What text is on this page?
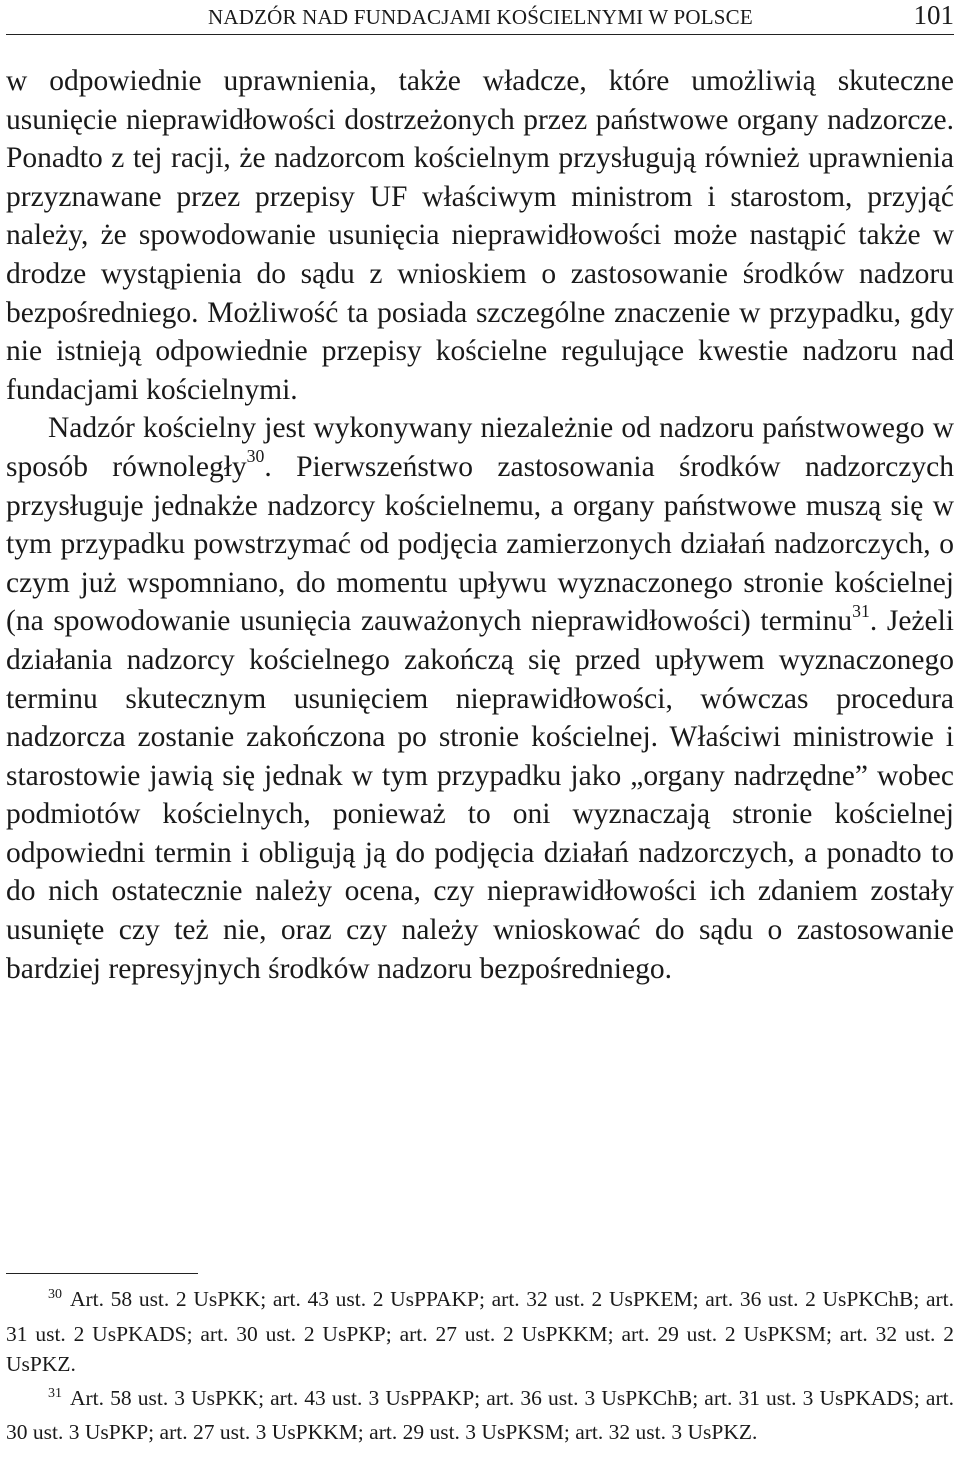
NADZÓR NAD FUNDACJAMI KOŚCIELNYMI W POLSCE	101

w odpowiednie uprawnienia, także władcze, które umożliwią skuteczne usunięcie nieprawidłowości dostrzeżonych przez państwowe organy nadzorcze. Ponadto z tej racji, że nadzorcom kościelnym przysługują również uprawnienia przyznawane przez przepisy UF właściwym ministrom i starostom, przyjąć należy, że spowodowanie usunięcia nieprawidłowości może nastąpić także w drodze wystąpienia do sądu z wnioskiem o zastosowanie środków nadzoru bezpośredniego. Możliwość ta posiada szczególne znaczenie w przypadku, gdy nie istnieją odpowiednie przepisy kościelne regulujące kwestie nadzoru nad fundacjami kościelnymi.

Nadzór kościelny jest wykonywany niezależnie od nadzoru państwowego w sposób równoległy$^{30}$. Pierwszeństwo zastosowania środków nadzorczych przysługuje jednakże nadzorcy kościelnemu, a organy państwowe muszą się w tym przypadku powstrzymać od podjęcia zamierzonych działań nadzorczych, o czym już wspomniano, do momentu upływu wyznaczonego stronie kościelnej (na spowodowanie usunięcia zauważonych nieprawidłowości) terminu$^{31}$. Jeżeli działania nadzorcy kościelnego zakończą się przed upływem wyznaczonego terminu skutecznym usunięciem nieprawidłowości, wówczas procedura nadzorcza zostanie zakończona po stronie kościelnej. Właściwi ministrowie i starostowie jawią się jednak w tym przypadku jako „organy nadrzędne” wobec podmiotów kościelnych, ponieważ to oni wyznaczają stronie kościelnej odpowiedni termin i obligują ją do podjęcia działań nadzorczych, a ponadto to do nich ostatecznie należy ocena, czy nieprawidłowości ich zdaniem zostały usunięte czy też nie, oraz czy należy wnioskować do sądu o zastosowanie bardziej represyjnych środków nadzoru bezpośredniego.

$^{30}$ Art. 58 ust. 2 UsPKK; art. 43 ust. 2 UsPPAKP; art. 32 ust. 2 UsPKEM; art. 36 ust. 2 UsPKChB; art. 31 ust. 2 UsPKADS; art. 30 ust. 2 UsPKP; art. 27 ust. 2 UsPKKM; art. 29 ust. 2 UsPKSM; art. 32 ust. 2 UsPKZ.

$^{31}$ Art. 58 ust. 3 UsPKK; art. 43 ust. 3 UsPPAKP; art. 36 ust. 3 UsPKChB; art. 31 ust. 3 UsPKADS; art. 30 ust. 3 UsPKP; art. 27 ust. 3 UsPKKM; art. 29 ust. 3 UsPKSM; art. 32 ust. 3 UsPKZ.
